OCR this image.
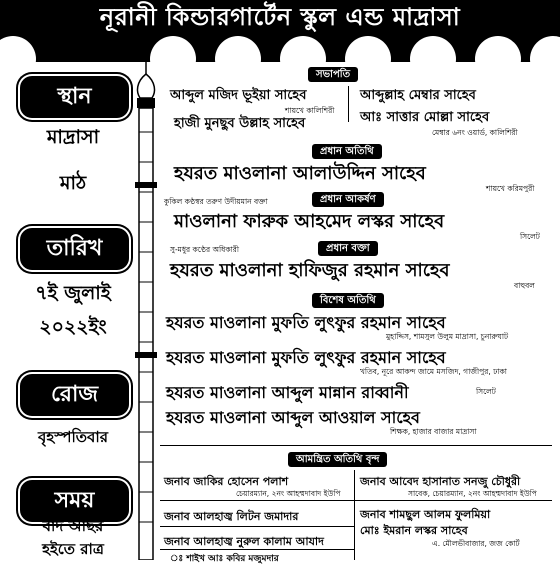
নূরানী কিন্ডারগার্টেন স্কুল এন্ড মাদ্রাসা
স্থান
মাদ্রাসা
মাঠ
তারিখ
৭ই জুলাই
২০২২ইং
রোজ
বৃহস্পতিবার
সময়
বাদ আছর
হইতে রাত্র
সভাপতি
আব্দুল মজিদ ভূইয়া সাহেব
শায়খে কালিশিরী
আব্দুল্লাহ মেম্বার সাহেব
হাজী মুনছুব উল্লাহ সাহেব	আঃ সাত্তার মোল্লা সাহেব
মেম্বার ৬নং ওয়ার্ড, কালিশিরী
প্রধান অতিথি
হযরত মাওলানা আলাউদ্দিন সাহেব
শায়খে করিমপুরী
কুকিল কণ্ঠস্বর তরুণ উদীয়মান বক্তা	প্রধান আকর্ষণ
মাওলানা ফারুক আহমেদ লস্কর সাহেব
সিলেট
সু-মধুর কণ্ঠের অধিকারী	প্রধান বক্তা
হযরত মাওলানা হাফিজুর রহমান সাহেব
বাহুবল
বিশেষ অতিথি
হযরত মাওলানা মুফতি লুৎফুর রহমান সাহেব
মুহাদ্দিস, শামসুল উলুম মাদ্রাসা, চুনারুঘাট
হযরত মাওলানা মুফতি লুৎফুর রহমান সাহেব
খতিব, নূরে আকন্দ জামে মসজিদ, গাজীপুর, ঢাকা
হযরত মাওলানা আব্দুল মান্নান রাব্বানী	সিলেট
হযরত মাওলানা আব্দুল আওয়াল সাহেব
শিক্ষক, হাজার বাজার মাদ্রাসা
আমন্ত্রিত অতিথি বৃন্দ
জনাব জাকির হোসেন পলাশ
চেয়ারম্যান, ২নং আহম্মদাবাদ ইউপি
জনাব আবেদ হাসানাত সনজু চৌধুরী
সাবেক, চেয়ারম্যান, ২নং আহম্মদাবাদ ইউপি
জনাব আলহাজ্ব লিটন জমাদার	জনাব শামছুল আলম ফুলমিয়া
জনাব আলহাজ্ব নুরুল কালাম আযাদ
মোঃ ইমরান লস্কর সাহেব
এ. মৌলভীবাজার, জজ কোর্ট
ঃ শাইখ আঃ কবির মজুমদার
